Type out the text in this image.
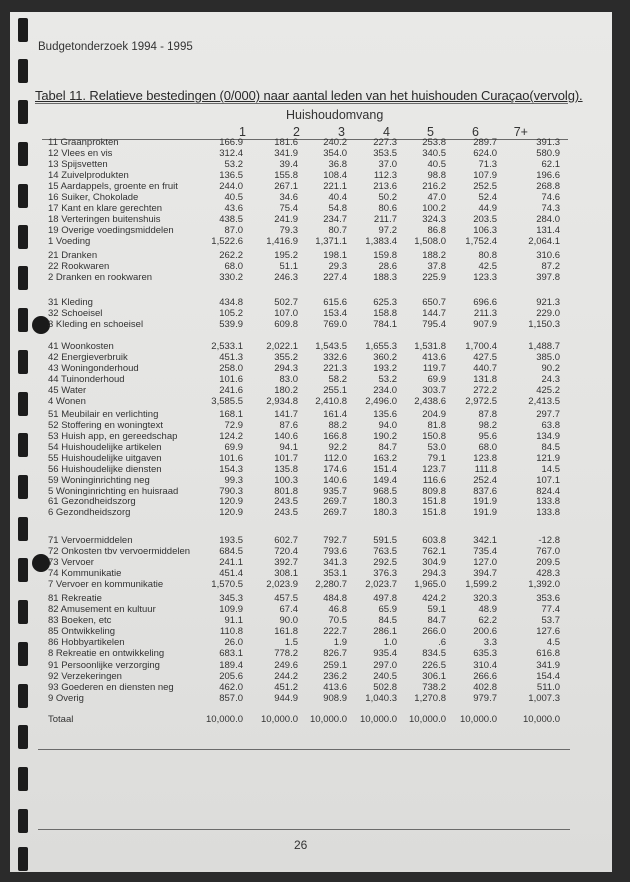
Budgetonderzoek 1994 - 1995
Tabel 11. Relatieve bestedingen (0/000) naar aantal leden van het huishouden Curaçao(vervolg).
Huishoudomvang
1	2	3	4	5	6	7+
11 Graanprokten	166.9	181.6	240.2	227.3	253.8	289.7	391.3
12 Vlees en vis	312.4	341.9	354.0	353.5	340.5	624.0	580.9
13 Spijsvetten	53.2	39.4	36.8	37.0	40.5	71.3	62.1
14 Zuivelprodukten	136.5	155.8	108.4	112.3	98.8	107.9	196.6
15 Aardappels, groente en fruit	244.0	267.1	221.1	213.6	216.2	252.5	268.8
16 Suiker, Chokolade	40.5	34.6	40.4	50.2	47.0	52.4	74.6
17 Kant en klare gerechten	43.6	75.4	54.8	80.6	100.2	44.9	74.3
18 Verteringen buitenshuis	438.5	241.9	234.7	211.7	324.3	203.5	284.0
19 Overige voedingsmiddelen	87.0	79.3	80.7	97.2	86.8	106.3	131.4
1 Voeding	1,522.6	1,416.9	1,371.1	1,383.4	1,508.0	1,752.4	2,064.1
21 Dranken	262.2	195.2	198.1	159.8	188.2	80.8	310.6
22 Rookwaren	68.0	51.1	29.3	28.6	37.8	42.5	87.2
2 Dranken en rookwaren	330.2	246.3	227.4	188.3	225.9	123.3	397.8
31 Kleding	434.8	502.7	615.6	625.3	650.7	696.6	921.3
32 Schoeisel	105.2	107.0	153.4	158.8	144.7	211.3	229.0
3 Kleding en schoeisel	539.9	609.8	769.0	784.1	795.4	907.9	1,150.3
41 Woonkosten	2,533.1	2,022.1	1,543.5	1,655.3	1,531.8	1,700.4	1,488.7
42 Energieverbruik	451.3	355.2	332.6	360.2	413.6	427.5	385.0
43 Woningonderhoud	258.0	294.3	221.3	193.2	119.7	440.7	90.2
44 Tuinonderhoud	101.6	83.0	58.2	53.2	69.9	131.8	24.3
45 Water	241.6	180.2	255.1	234.0	303.7	272.2	425.2
4 Wonen	3,585.5	2,934.8	2,410.8	2,496.0	2,438.6	2,972.5	2,413.5
51 Meubilair en verlichting	168.1	141.7	161.4	135.6	204.9	87.8	297.7
52 Stoffering en woningtext	72.9	87.6	88.2	94.0	81.8	98.2	63.8
53 Huish app, en gereedschap	124.2	140.6	166.8	190.2	150.8	95.6	134.9
54 Huishoudelijke artikelen	69.9	94.1	92.2	84.7	53.0	68.0	84.5
55 Huishoudelijke uitgaven	101.6	101.7	112.0	163.2	79.1	123.8	121.9
56 Huishoudelijke diensten	154.3	135.8	174.6	151.4	123.7	111.8	14.5
59 Woninginrichting neg	99.3	100.3	140.6	149.4	116.6	252.4	107.1
5 Woninginrichting en huisraad	790.3	801.8	935.7	968.5	809.8	837.6	824.4
61 Gezondheidszorg	120.9	243.5	269.7	180.3	151.8	191.9	133.8
6 Gezondheidszorg	120.9	243.5	269.7	180.3	151.8	191.9	133.8
71 Vervoermiddelen	193.5	602.7	792.7	591.5	603.8	342.1	-12.8
72 Onkosten tbv vervoermiddelen	684.5	720.4	793.6	763.5	762.1	735.4	767.0
73 Vervoer	241.1	392.7	341.3	292.5	304.9	127.0	209.5
74 Kommunikatie	451.4	308.1	353.1	376.3	294.3	394.7	428.3
7 Vervoer en kommunikatie	1,570.5	2,023.9	2,280.7	2,023.7	1,965.0	1,599.2	1,392.0
81 Rekreatie	345.3	457.5	484.8	497.8	424.2	320.3	353.6
82 Amusement en kultuur	109.9	67.4	46.8	65.9	59.1	48.9	77.4
83 Boeken, etc	91.1	90.0	70.5	84.5	84.7	62.2	53.7
85 Ontwikkeling	110.8	161.8	222.7	286.1	266.0	200.6	127.6
86 Hobbyartikelen	26.0	1.5	1.9	1.0	.6	3.3	4.5
8 Rekreatie en ontwikkeling	683.1	778.2	826.7	935.4	834.5	635.3	616.8
91 Persoonlijke verzorging	189.4	249.6	259.1	297.0	226.5	310.4	341.9
92 Verzekeringen	205.6	244.2	236.2	240.5	306.1	266.6	154.4
93 Goederen en diensten neg	462.0	451.2	413.6	502.8	738.2	402.8	511.0
9 Overig	857.0	944.9	908.9	1,040.3	1,270.8	979.7	1,007.3
Totaal	10,000.0	10,000.0	10,000.0	10,000.0	10,000.0	10,000.0	10,000.0
26
